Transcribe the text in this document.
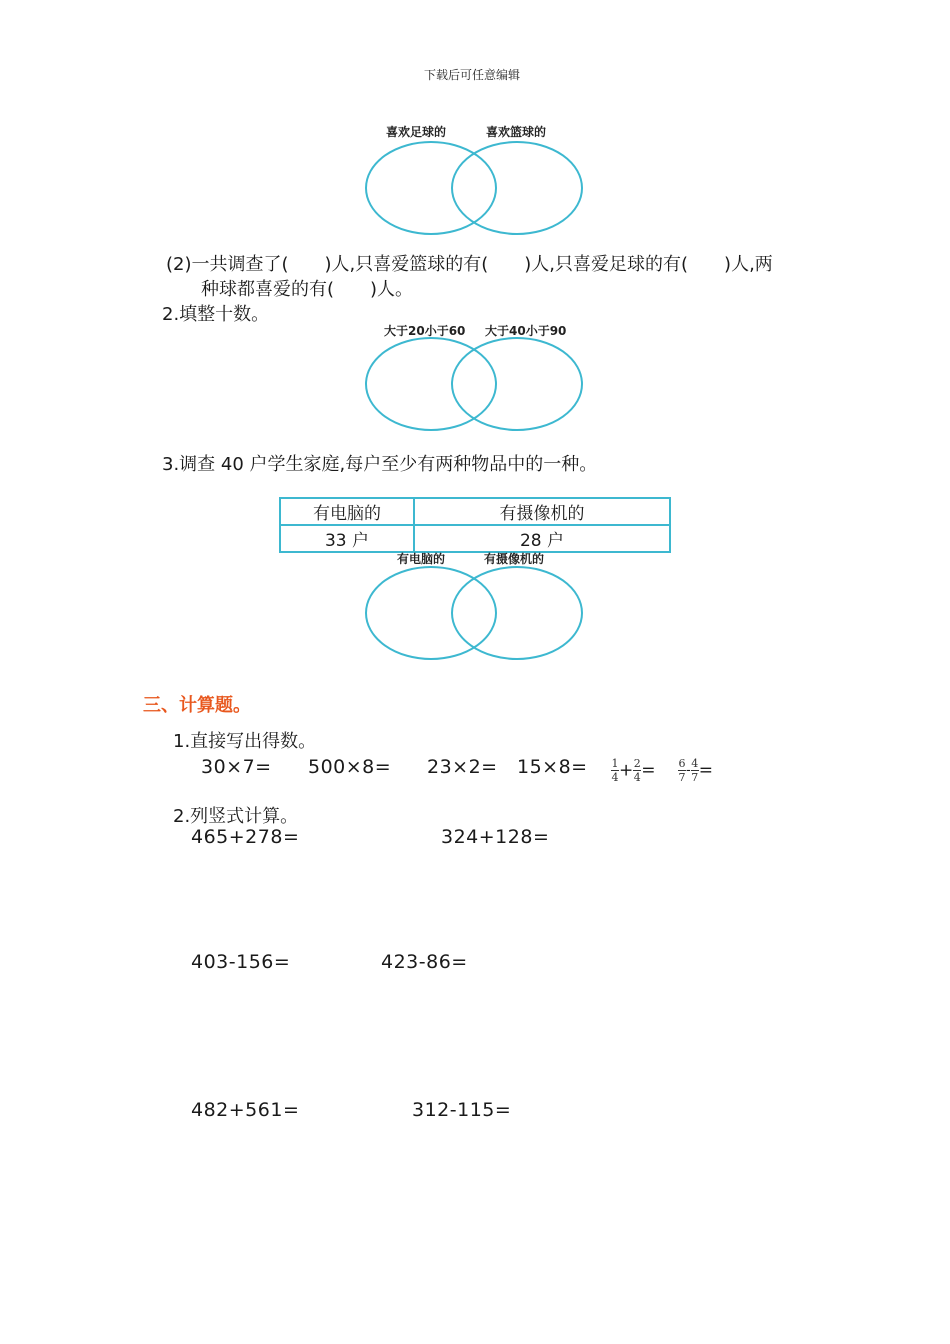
下载后可任意编辑
喜欢足球的	喜欢篮球的
(2)一共调查了(　　)人,只喜爱篮球的有(　　)人,只喜爱足球的有(　　)人,两
种球都喜爱的有(　　)人。
2.填整十数。
大于20小于60 大于40小于90
3.调查 40 户学生家庭,每户至少有两种物品中的一种。
有电脑的	有摄像机的
33 户	28 户
有电脑的	有摄像机的
三、计算题。
1.直接写出得数。
$30\times 7= 500\times 8= 23\times 2= 15\times 8= \frac{1}{4} + \frac{2}{4} = \frac{6}{7} - \frac{4}{7}$ =
2.列竖式计算。
465+278=	324+128=
403-156=	423-86=
482+561=	312-115=
